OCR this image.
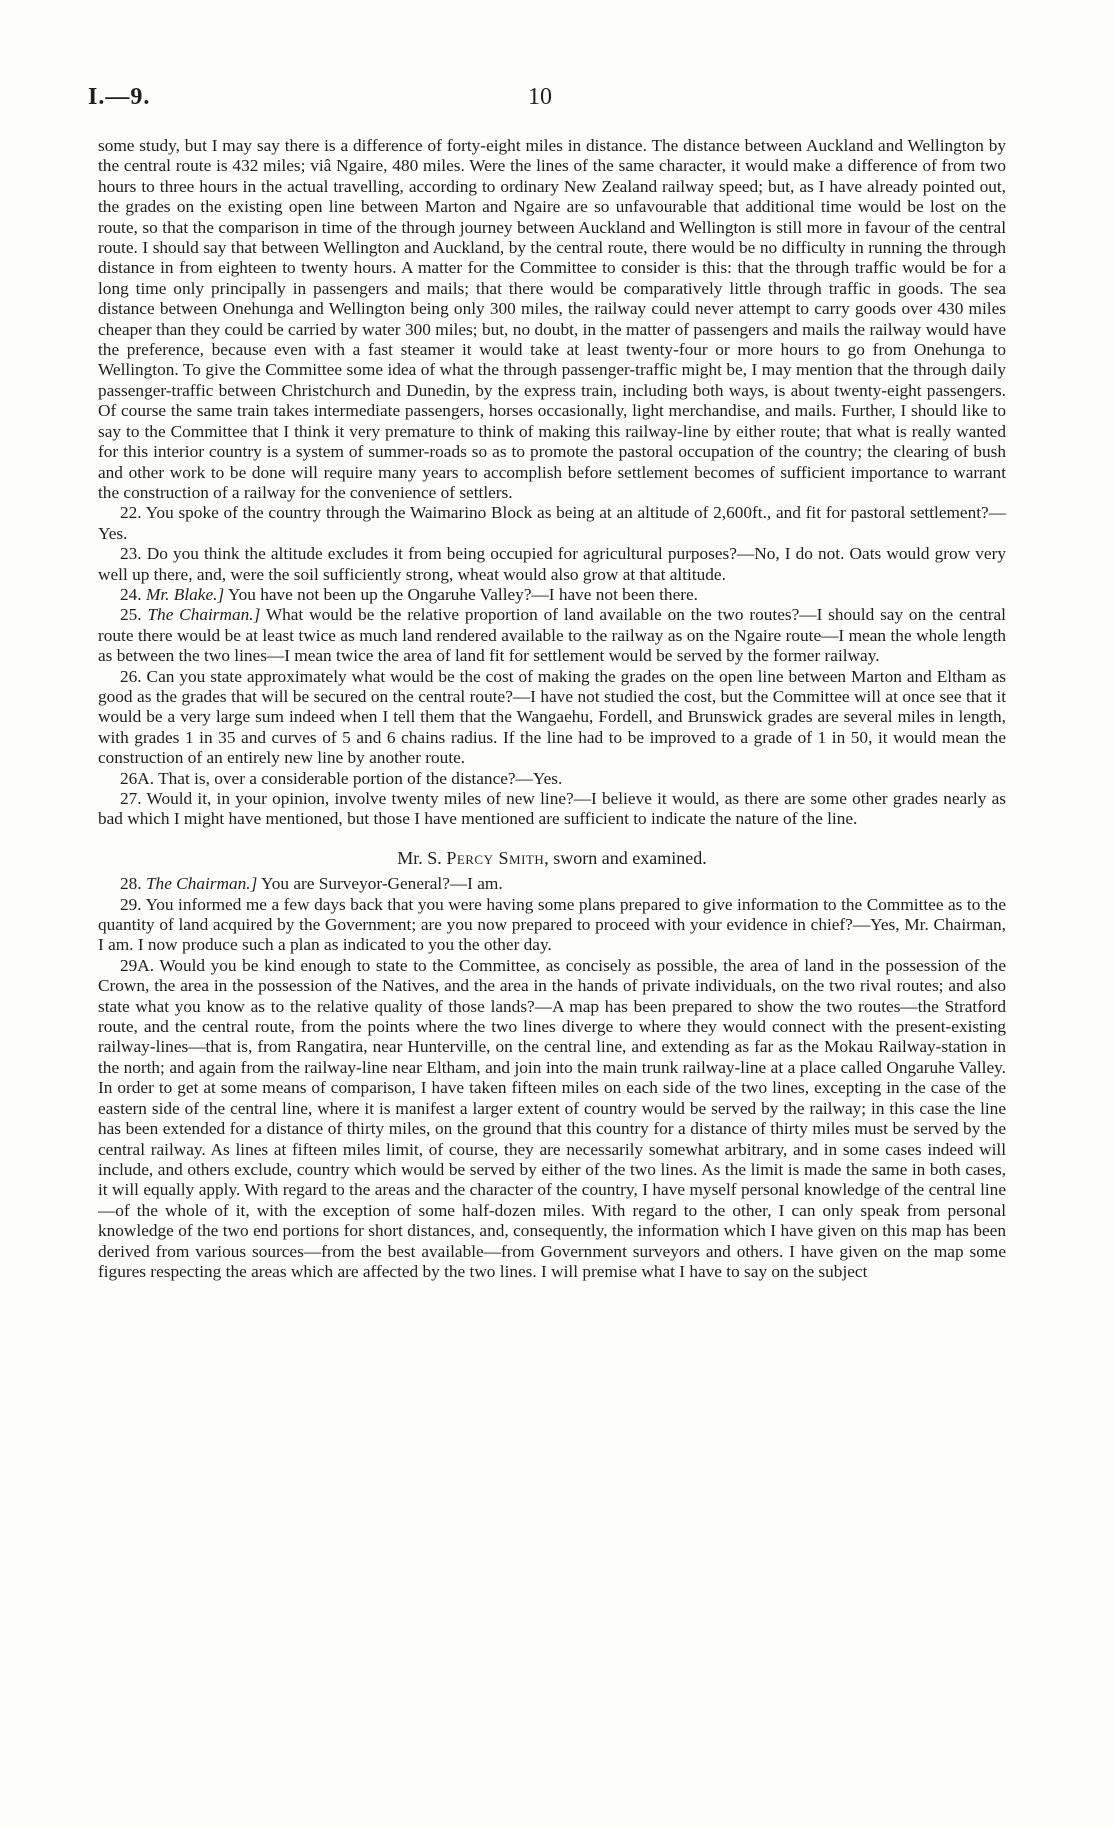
I.—9.	10

some study, but I may say there is a difference of forty-eight miles in distance. The distance between Auckland and Wellington by the central route is 432 miles; viâ Ngaire, 480 miles. Were the lines of the same character, it would make a difference of from two hours to three hours in the actual travelling, according to ordinary New Zealand railway speed; but, as I have already pointed out, the grades on the existing open line between Marton and Ngaire are so unfavourable that additional time would be lost on the route, so that the comparison in time of the through journey between Auckland and Wellington is still more in favour of the central route. I should say that between Wellington and Auckland, by the central route, there would be no difficulty in running the through distance in from eighteen to twenty hours. A matter for the Committee to consider is this: that the through traffic would be for a long time only principally in passengers and mails; that there would be comparatively little through traffic in goods. The sea distance between Onehunga and Wellington being only 300 miles, the railway could never attempt to carry goods over 430 miles cheaper than they could be carried by water 300 miles; but, no doubt, in the matter of passengers and mails the railway would have the preference, because even with a fast steamer it would take at least twenty-four or more hours to go from Onehunga to Wellington. To give the Committee some idea of what the through passenger-traffic might be, I may mention that the through daily passenger-traffic between Christchurch and Dunedin, by the express train, including both ways, is about twenty-eight passengers. Of course the same train takes intermediate passengers, horses occasionally, light merchandise, and mails. Further, I should like to say to the Committee that I think it very premature to think of making this railway-line by either route; that what is really wanted for this interior country is a system of summer-roads so as to promote the pastoral occupation of the country; the clearing of bush and other work to be done will require many years to accomplish before settlement becomes of sufficient importance to warrant the construction of a railway for the convenience of settlers.

22. You spoke of the country through the Waimarino Block as being at an altitude of 2,600ft., and fit for pastoral settlement?—Yes.

23. Do you think the altitude excludes it from being occupied for agricultural purposes?—No, I do not. Oats would grow very well up there, and, were the soil sufficiently strong, wheat would also grow at that altitude.

24. Mr. Blake.] You have not been up the Ongaruhe Valley?—I have not been there.

25. The Chairman.] What would be the relative proportion of land available on the two routes?—I should say on the central route there would be at least twice as much land rendered available to the railway as on the Ngaire route—I mean the whole length as between the two lines—I mean twice the area of land fit for settlement would be served by the former railway.

26. Can you state approximately what would be the cost of making the grades on the open line between Marton and Eltham as good as the grades that will be secured on the central route?—I have not studied the cost, but the Committee will at once see that it would be a very large sum indeed when I tell them that the Wangaehu, Fordell, and Brunswick grades are several miles in length, with grades 1 in 35 and curves of 5 and 6 chains radius. If the line had to be improved to a grade of 1 in 50, it would mean the construction of an entirely new line by another route.

26A. That is, over a considerable portion of the distance?—Yes.

27. Would it, in your opinion, involve twenty miles of new line?—I believe it would, as there are some other grades nearly as bad which I might have mentioned, but those I have mentioned are sufficient to indicate the nature of the line.

Mr. S. Percy Smith, sworn and examined.

28. The Chairman.] You are Surveyor-General?—I am.

29. You informed me a few days back that you were having some plans prepared to give information to the Committee as to the quantity of land acquired by the Government; are you now prepared to proceed with your evidence in chief?—Yes, Mr. Chairman, I am. I now produce such a plan as indicated to you the other day.

29A. Would you be kind enough to state to the Committee, as concisely as possible, the area of land in the possession of the Crown, the area in the possession of the Natives, and the area in the hands of private individuals, on the two rival routes; and also state what you know as to the relative quality of those lands?—A map has been prepared to show the two routes—the Stratford route, and the central route, from the points where the two lines diverge to where they would connect with the present-existing railway-lines—that is, from Rangatira, near Hunterville, on the central line, and extending as far as the Mokau Railway-station in the north; and again from the railway-line near Eltham, and join into the main trunk railway-line at a place called Ongaruhe Valley. In order to get at some means of comparison, I have taken fifteen miles on each side of the two lines, excepting in the case of the eastern side of the central line, where it is manifest a larger extent of country would be served by the railway; in this case the line has been extended for a distance of thirty miles, on the ground that this country for a distance of thirty miles must be served by the central railway. As lines at fifteen miles limit, of course, they are necessarily somewhat arbitrary, and in some cases indeed will include, and others exclude, country which would be served by either of the two lines. As the limit is made the same in both cases, it will equally apply. With regard to the areas and the character of the country, I have myself personal knowledge of the central line—of the whole of it, with the exception of some half-dozen miles. With regard to the other, I can only speak from personal knowledge of the two end portions for short distances, and, consequently, the information which I have given on this map has been derived from various sources—from the best available—from Government surveyors and others. I have given on the map some figures respecting the areas which are affected by the two lines. I will premise what I have to say on the subject
